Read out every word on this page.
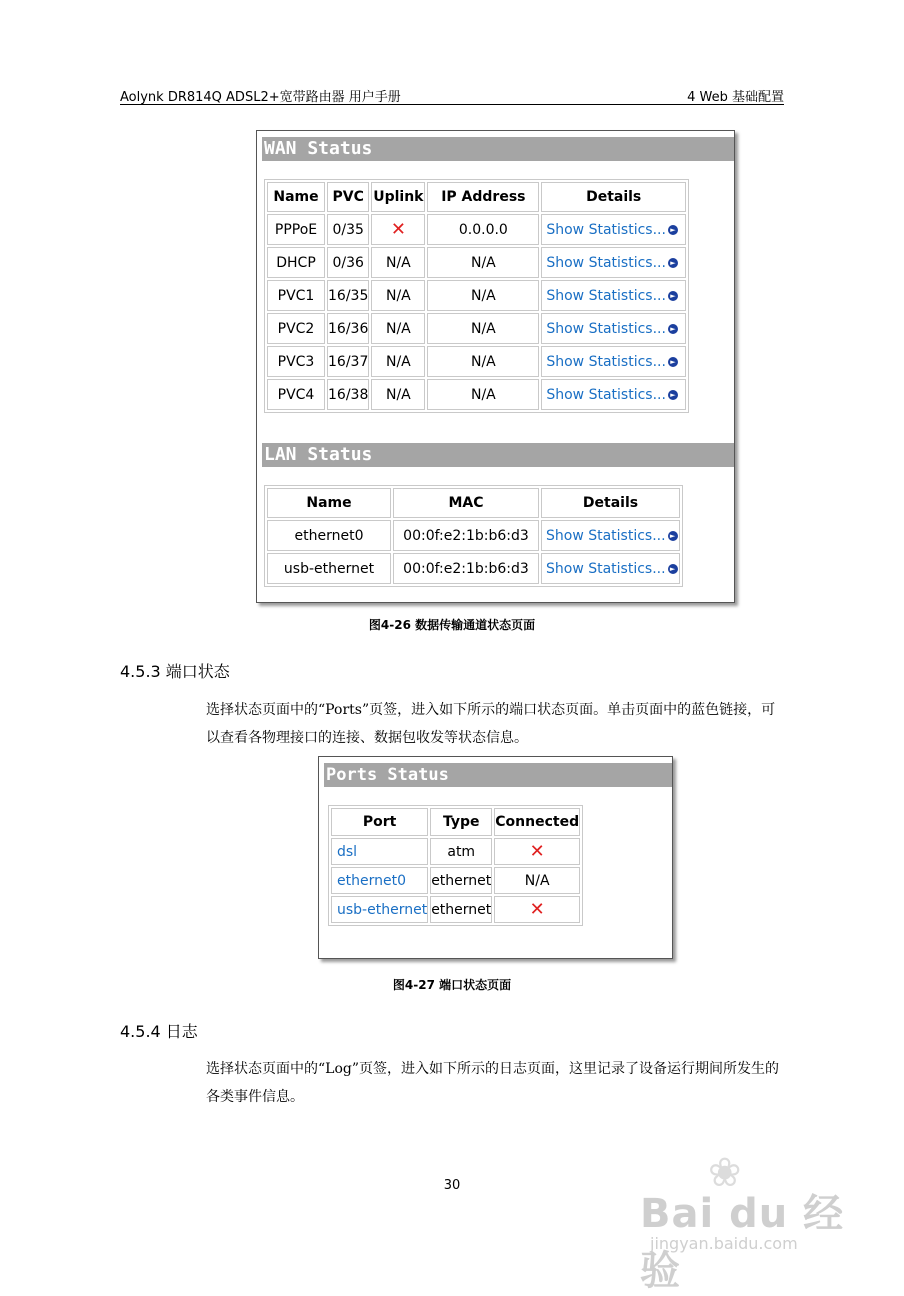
Aolynk DR814Q ADSL2+宽带路由器 用户手册	4 Web 基础配置
WAN Status
Name	PVC	Uplink	IP Address	Details
PPPoE	0/35	✕	0.0.0.0	Show Statistics... ►
DHCP	0/36	N/A	N/A	Show Statistics... ►
PVC1	16/35	N/A	N/A	Show Statistics... ►
PVC2	16/36	N/A	N/A	Show Statistics... ►
PVC3	16/37	N/A	N/A	Show Statistics... ►
PVC4	16/38	N/A	N/A	Show Statistics... ►
LAN Status
Name	MAC	Details
ethernet0	00:0f:e2:1b:b6:d3	Show Statistics... ►
usb-ethernet	00:0f:e2:1b:b6:d3	Show Statistics... ►
图4-26 数据传输通道状态页面
4.5.3 端口状态
选择状态页面中的“Ports”页签，进入如下所示的端口状态页面。单击页面中的蓝色链接，可以查看各物理接口的连接、数据包收发等状态信息。
Ports Status
Port	Type	Connected
dsl	atm	✕
ethernet0	ethernet	N/A
usb-ethernet	ethernet	✕
图4-27 端口状态页面
4.5.4 日志
选择状态页面中的“Log”页签，进入如下所示的日志页面，这里记录了设备运行期间所发生的各类事件信息。
30	❀
Bai du 经验
jingyan.baidu.com
